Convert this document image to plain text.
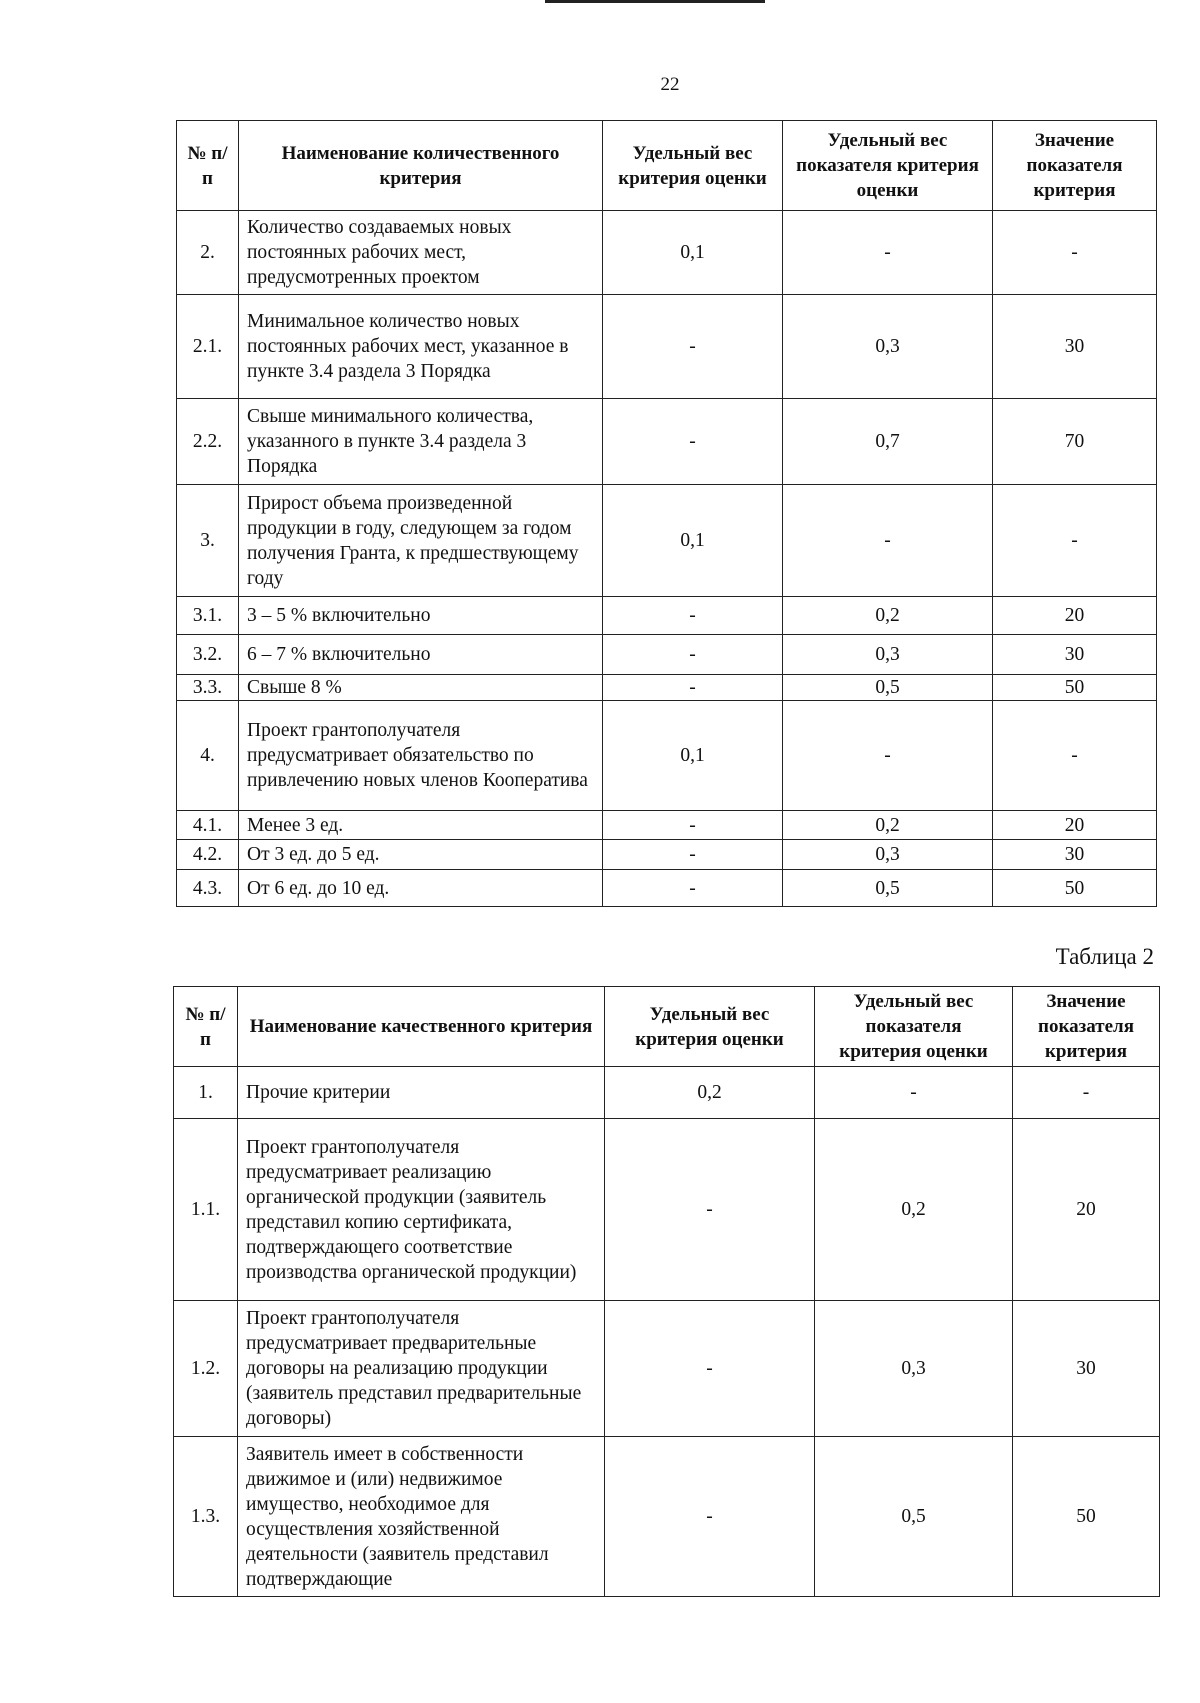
22
№ п/п	Наименование количественного критерия	Удельный вес критерия оценки	Удельный вес показателя критерия оценки	Значение показателя критерия
2.	Количество создаваемых новых постоянных рабочих мест, предусмотренных проектом	0,1	-	-
2.1.	Минимальное количество новых постоянных рабочих мест, указанное в пункте 3.4 раздела 3 Порядка	-	0,3	30
2.2.	Свыше минимального количества, указанного в пункте 3.4 раздела 3 Порядка	-	0,7	70
3.	Прирост объема произведенной продукции в году, следующем за годом получения Гранта, к предшествующему году	0,1	-	-
3.1.	3 – 5 % включительно	-	0,2	20
3.2.	6 – 7 % включительно	-	0,3	30
3.3.	Свыше 8 %	-	0,5	50
4.	Проект грантополучателя предусматривает обязательство по привлечению новых членов Кооператива	0,1	-	-
4.1.	Менее 3 ед.	-	0,2	20
4.2.	От 3 ед. до 5 ед.	-	0,3	30
4.3.	От 6 ед. до 10 ед.	-	0,5	50
Таблица 2
№ п/п	Наименование качественного критерия	Удельный вес критерия оценки	Удельный вес показателя критерия оценки	Значение показателя критерия
1.	Прочие критерии	0,2	-	-
1.1.	Проект грантополучателя предусматривает реализацию органической продукции (заявитель представил копию сертификата, подтверждающего соответствие производства органической продукции)	-	0,2	20
1.2.	Проект грантополучателя предусматривает предварительные договоры на реализацию продукции (заявитель представил предварительные договоры)	-	0,3	30
1.3.	Заявитель имеет в собственности движимое и (или) недвижимое имущество, необходимое для осуществления хозяйственной деятельности (заявитель представил подтверждающие	-	0,5	50
